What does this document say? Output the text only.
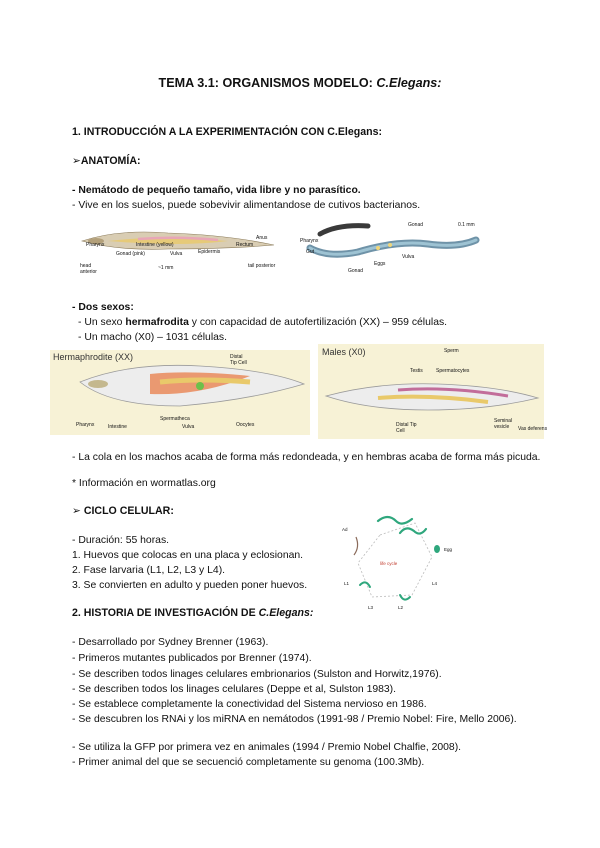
TEMA 3.1: ORGANISMOS MODELO: C.Elegans:
1. INTRODUCCIÓN A LA EXPERIMENTACIÓN CON C.Elegans:
➢ANATOMÍA:
- Nemátodo de pequeño tamaño, vida libre y no parasítico.
- Vive en los suelos, puede sobevivir alimentandose de cutivos bacterianos.
Pharynx	Intestine (yellow)
Gonad (pink)	Vulva	Epidermis
Rectum
Anus
head anterior
~1 mm	tail posterior
Pharynx
Gut
Gonad	0.1 mm
Eggs
Vulva
Gonad
- Dos sexos:
- Un sexo hermafrodita y con capacidad de autofertilización (XX) – 959 células.
- Un macho (X0) – 1031 células.
Hermaphrodite (XX)	Distal Tip Cell
Pharynx	Intestine
Spermatheca
Vulva	Oocytes
Males (X0)	Sperm
Testis	Spermatocytes
Seminal vesicle
Distal Tip Cell	Vas deferens
- La cola en los machos acaba de forma más redondeada, y en hembras acaba de forma más picuda.
* Información en wormatlas.org
➢ CICLO CELULAR:
- Duración: 55 horas.
1. Huevos que colocas en una placa y eclosionan.
2. Fase larvaria (L1, L2, L3 y L4).
3. Se convierten en adulto y pueden poner huevos.
Ad
Egg
life cycle
L1	L4
L2
L3
2. HISTORIA DE INVESTIGACIÓN DE C.Elegans:
- Desarrollado por Sydney Brenner (1963).
- Primeros mutantes publicados por Brenner (1974).
- Se describen todos linages celulares embrionarios (Sulston and Horwitz,1976).
- Se describen todos los linages celulares (Deppe et al, Sulston 1983).
- Se establece completamente la conectividad del Sistema nervioso en 1986.
- Se descubren los RNAi y los miRNA en nemátodos (1991-98 / Premio Nobel: Fire, Mello 2006).
- Se utiliza la GFP por primera vez en animales (1994 / Premio Nobel Chalfie, 2008).
- Primer animal del que se secuenció completamente su genoma (100.3Mb).
